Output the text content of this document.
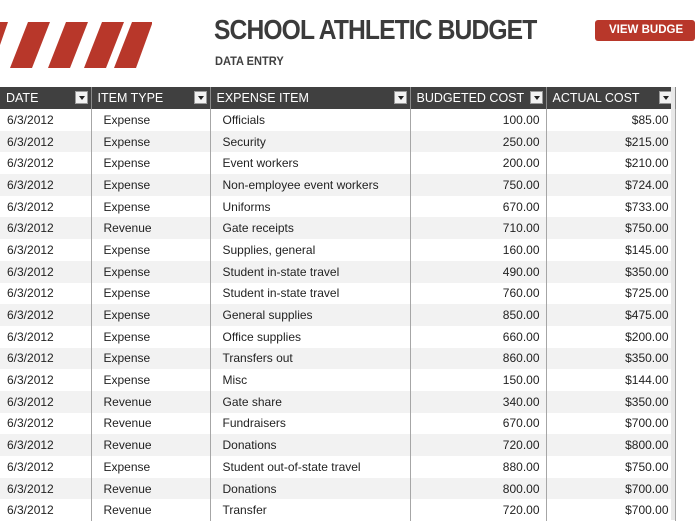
SCHOOL ATHLETIC BUDGET
DATA ENTRY
VIEW BUDGE
DATE	ITEM TYPE	EXPENSE ITEM	BUDGETED COST	ACTUAL COST

6/3/2012	Expense	Officials	100.00	$85.00
6/3/2012	Expense	Security	250.00	$215.00
6/3/2012	Expense	Event workers	200.00	$210.00
6/3/2012	Expense	Non-employee event workers	750.00	$724.00
6/3/2012	Expense	Uniforms	670.00	$733.00
6/3/2012	Revenue	Gate receipts	710.00	$750.00
6/3/2012	Expense	Supplies, general	160.00	$145.00
6/3/2012	Expense	Student in-state travel	490.00	$350.00
6/3/2012	Expense	Student in-state travel	760.00	$725.00
6/3/2012	Expense	General supplies	850.00	$475.00
6/3/2012	Expense	Office supplies	660.00	$200.00
6/3/2012	Expense	Transfers out	860.00	$350.00
6/3/2012	Expense	Misc	150.00	$144.00
6/3/2012	Revenue	Gate share	340.00	$350.00
6/3/2012	Revenue	Fundraisers	670.00	$700.00
6/3/2012	Revenue	Donations	720.00	$800.00
6/3/2012	Expense	Student out-of-state travel	880.00	$750.00
6/3/2012	Revenue	Donations	800.00	$700.00
6/3/2012	Revenue	Transfer	720.00	$700.00
